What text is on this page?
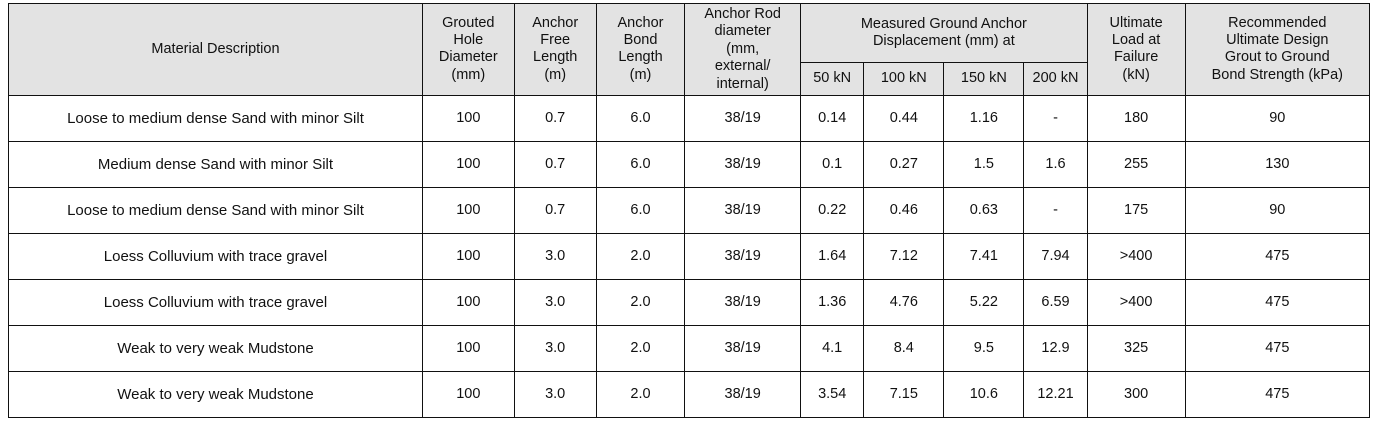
Material Description	
Grouted
Hole
Diameter
(mm)

Anchor
Free
Length
(m)

Anchor
Bond
Length
(m)

Anchor Rod
diameter
(mm,
external/
internal)

Measured Ground Anchor
Displacement (mm) at

Ultimate
Load at
Failure
(kN)

Recommended
Ultimate Design
Grout to Ground
Bond Strength (kPa)

					50 kN	100 kN	150 kN	200 kN		
Loose to medium dense Sand with minor Silt	100	0.7	6.0	38/19	0.14	0.44	1.16	-	180	90
Medium dense Sand with minor Silt	100	0.7	6.0	38/19	0.1	0.27	1.5	1.6	255	130
Loose to medium dense Sand with minor Silt	100	0.7	6.0	38/19	0.22	0.46	0.63	-	175	90
Loess Colluvium with trace gravel	100	3.0	2.0	38/19	1.64	7.12	7.41	7.94	>400	475
Loess Colluvium with trace gravel	100	3.0	2.0	38/19	1.36	4.76	5.22	6.59	>400	475
Weak to very weak Mudstone	100	3.0	2.0	38/19	4.1	8.4	9.5	12.9	325	475
Weak to very weak Mudstone	100	3.0	2.0	38/19	3.54	7.15	10.6	12.21	300	475
